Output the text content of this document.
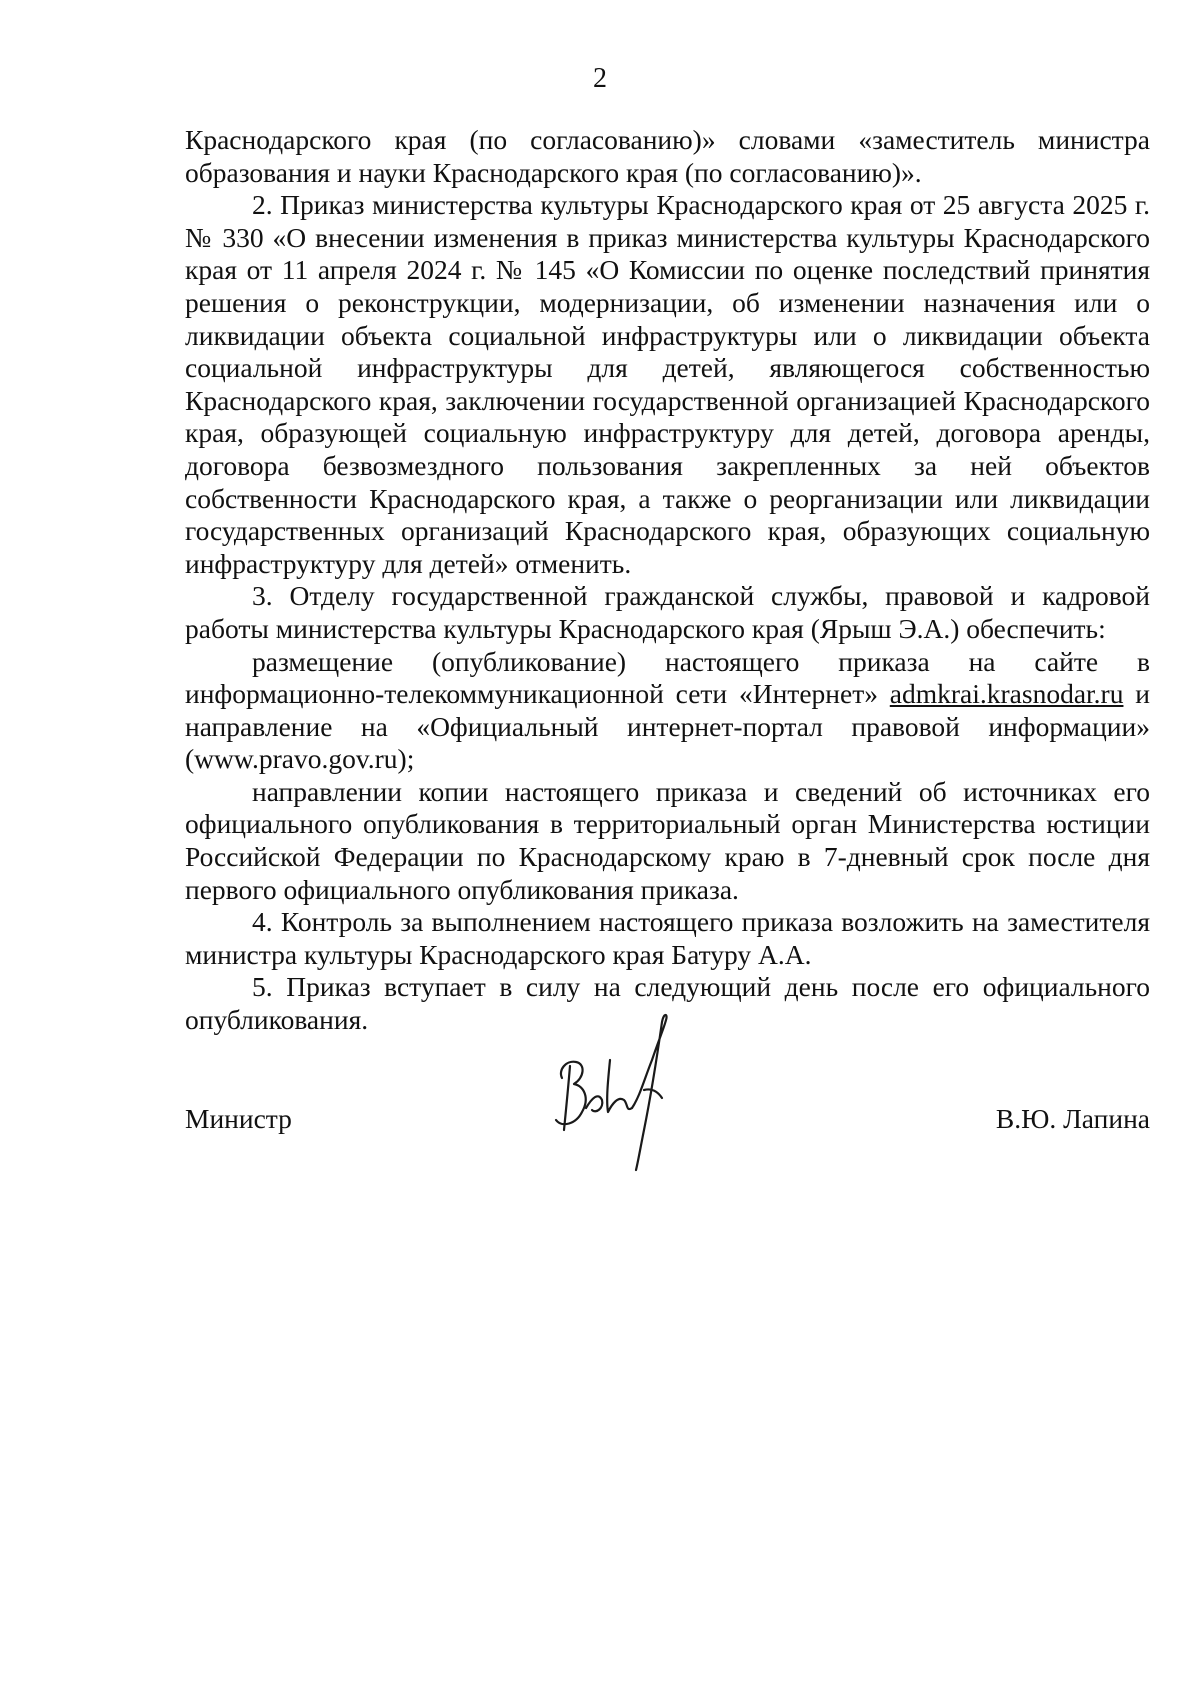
2

Краснодарского края (по согласованию)» словами «заместитель министра образования и науки Краснодарского края (по согласованию)».

2. Приказ министерства культуры Краснодарского края от 25 августа 2025 г. № 330 «О внесении изменения в приказ министерства культуры Краснодарского края от 11 апреля 2024 г. № 145 «О Комиссии по оценке последствий принятия решения о реконструкции, модернизации, об изменении назначения или о ликвидации объекта социальной инфраструктуры или о ликвидации объекта социальной инфраструктуры для детей, являющегося собственностью Краснодарского края, заключении государственной организацией Краснодарского края, образующей социальную инфраструктуру для детей, договора аренды, договора безвозмездного пользования закрепленных за ней объектов собственности Краснодарского края, а также о реорганизации или ликвидации государственных организаций Краснодарского края, образующих социальную инфраструктуру для детей» отменить.

3. Отделу государственной гражданской службы, правовой и кадровой работы министерства культуры Краснодарского края (Ярыш Э.А.) обеспечить:

размещение (опубликование) настоящего приказа на сайте в информационно-телекоммуникационной сети «Интернет» admkrai.krasnodar.ru и направление на «Официальный интернет-портал правовой информации» (www.pravo.gov.ru);

направлении копии настоящего приказа и сведений об источниках его официального опубликования в территориальный орган Министерства юстиции Российской Федерации по Краснодарскому краю в 7-дневный срок после дня первого официального опубликования приказа.

4. Контроль за выполнением настоящего приказа возложить на заместителя министра культуры Краснодарского края Батуру А.А.

5. Приказ вступает в силу на следующий день после его официального опубликования.

Министр	В.Ю. Лапина
